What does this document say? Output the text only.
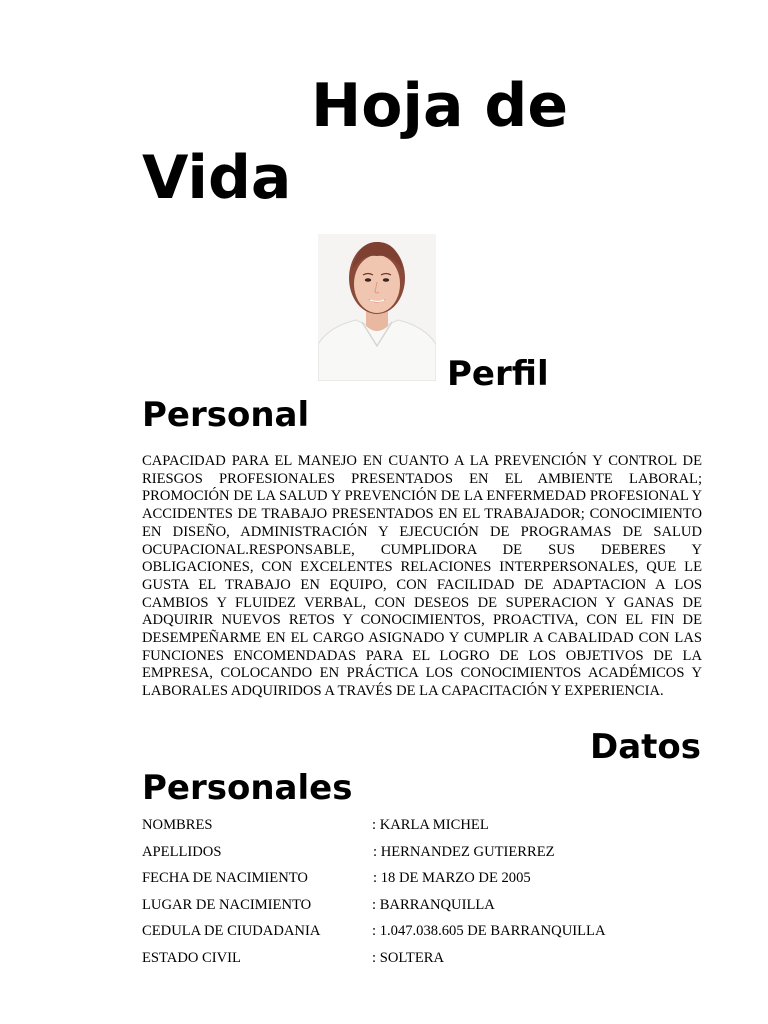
Hoja de
Vida
Perfil
Personal

CAPACIDAD PARA EL MANEJO EN CUANTO A LA PREVENCIÓN Y CONTROL DE RIESGOS PROFESIONALES PRESENTADOS EN EL AMBIENTE LABORAL; PROMOCIÓN DE LA SALUD Y PREVENCIÓN DE LA ENFERMEDAD PROFESIONAL Y ACCIDENTES DE TRABAJO PRESENTADOS EN EL TRABAJADOR; CONOCIMIENTO EN DISEÑO, ADMINISTRACIÓN Y EJECUCIÓN DE PROGRAMAS DE SALUD OCUPACIONAL.RESPONSABLE, CUMPLIDORA DE SUS DEBERES Y OBLIGACIONES, CON EXCELENTES RELACIONES INTERPERSONALES, QUE LE GUSTA EL TRABAJO EN EQUIPO, CON FACILIDAD DE ADAPTACION A LOS CAMBIOS Y FLUIDEZ VERBAL, CON DESEOS DE SUPERACION Y GANAS DE ADQUIRIR NUEVOS RETOS Y CONOCIMIENTOS, PROACTIVA, CON EL FIN DE DESEMPEÑARME EN EL CARGO ASIGNADO Y CUMPLIR A CABALIDAD CON LAS FUNCIONES ENCOMENDADAS PARA EL LOGRO DE LOS OBJETIVOS DE LA EMPRESA, COLOCANDO EN PRÁCTICA LOS CONOCIMIENTOS ACADÉMICOS Y LABORALES ADQUIRIDOS A TRAVÉS DE LA CAPACITACIÓN Y EXPERIENCIA.

Datos
Personales
NOMBRES	: KARLA MICHEL
APELLIDOS	: HERNANDEZ GUTIERREZ
FECHA DE NACIMIENTO	: 18 DE MARZO DE 2005
LUGAR DE NACIMIENTO	: BARRANQUILLA
CEDULA DE CIUDADANIA	: 1.047.038.605 DE BARRANQUILLA
ESTADO CIVIL	: SOLTERA
